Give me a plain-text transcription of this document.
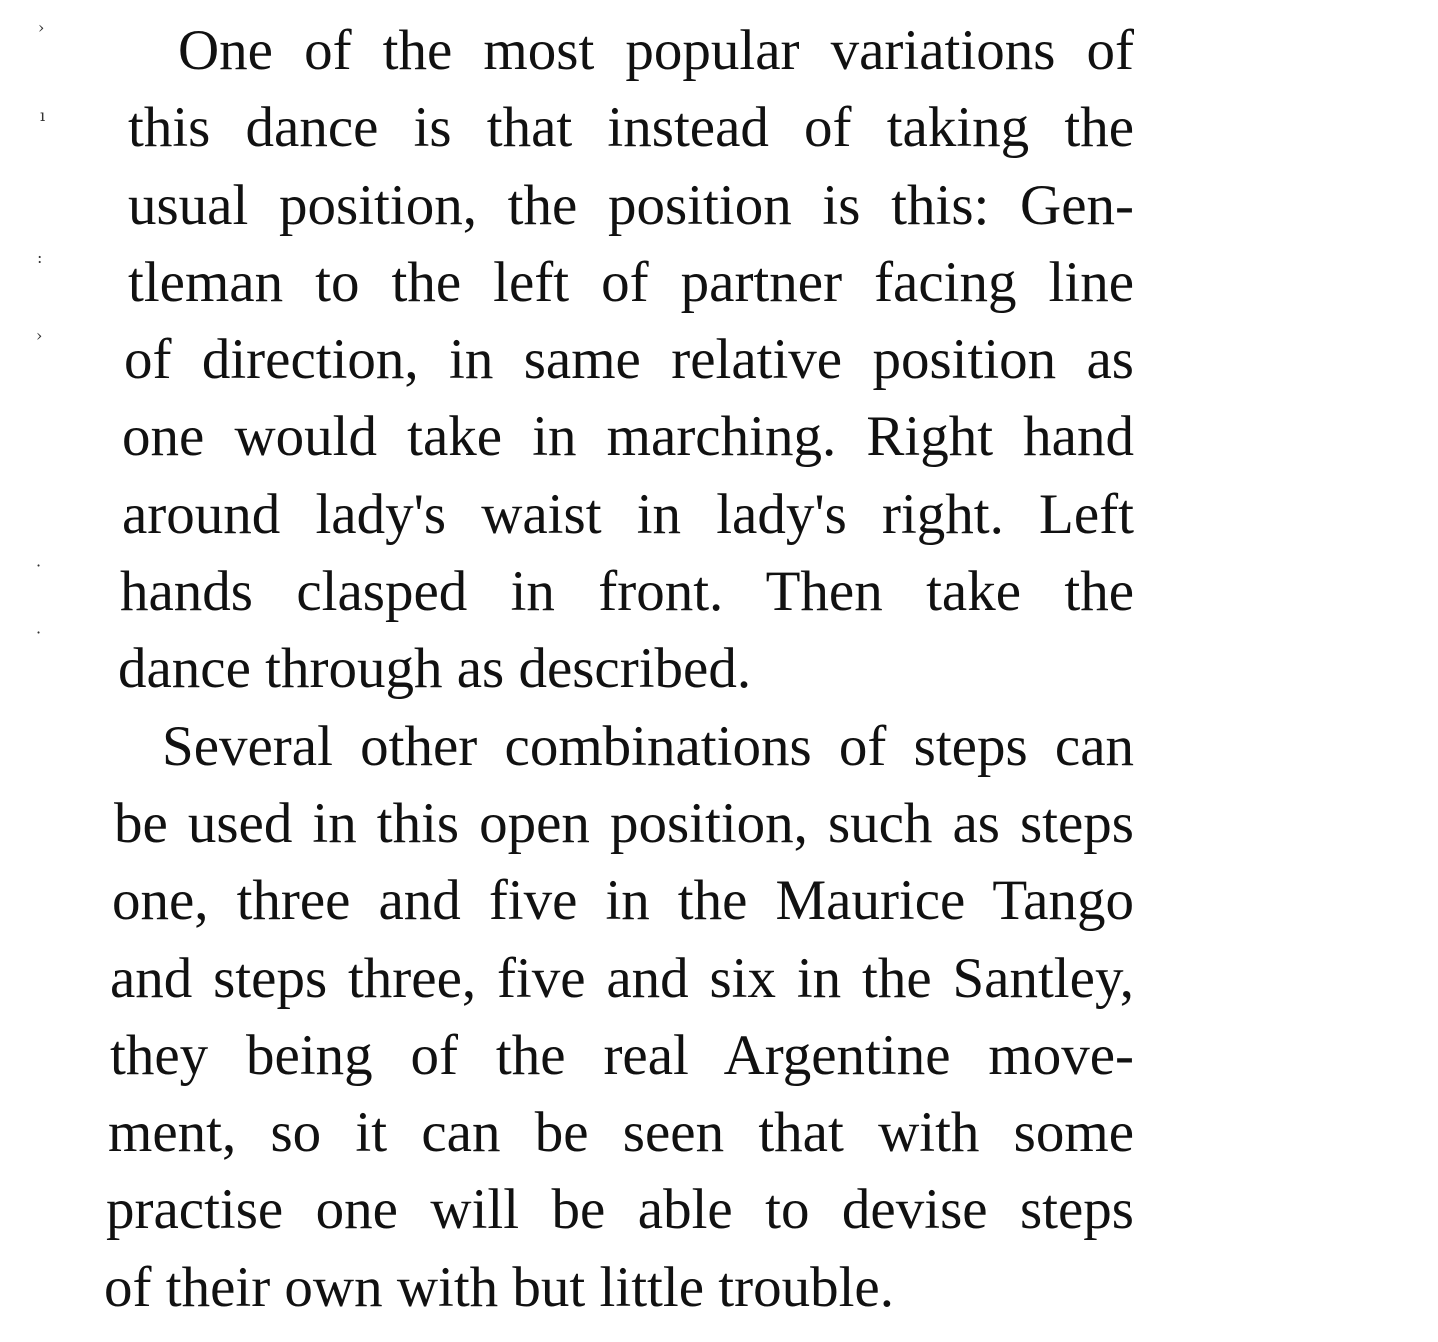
›
ı
:
›
·
·
One of the most popular variations of
this dance is that instead of taking the
usual position, the position is this: Gen-
tleman to the left of partner facing line
of direction, in same relative position as
one would take in marching. Right hand
around lady's waist in lady's right. Left
hands clasped in front. Then take the
dance through as described.
Several other combinations of steps can
be used in this open position, such as steps
one, three and five in the Maurice Tango
and steps three, five and six in the Santley,
they being of the real Argentine move-
ment, so it can be seen that with some
practise one will be able to devise steps
of their own with but little trouble.
